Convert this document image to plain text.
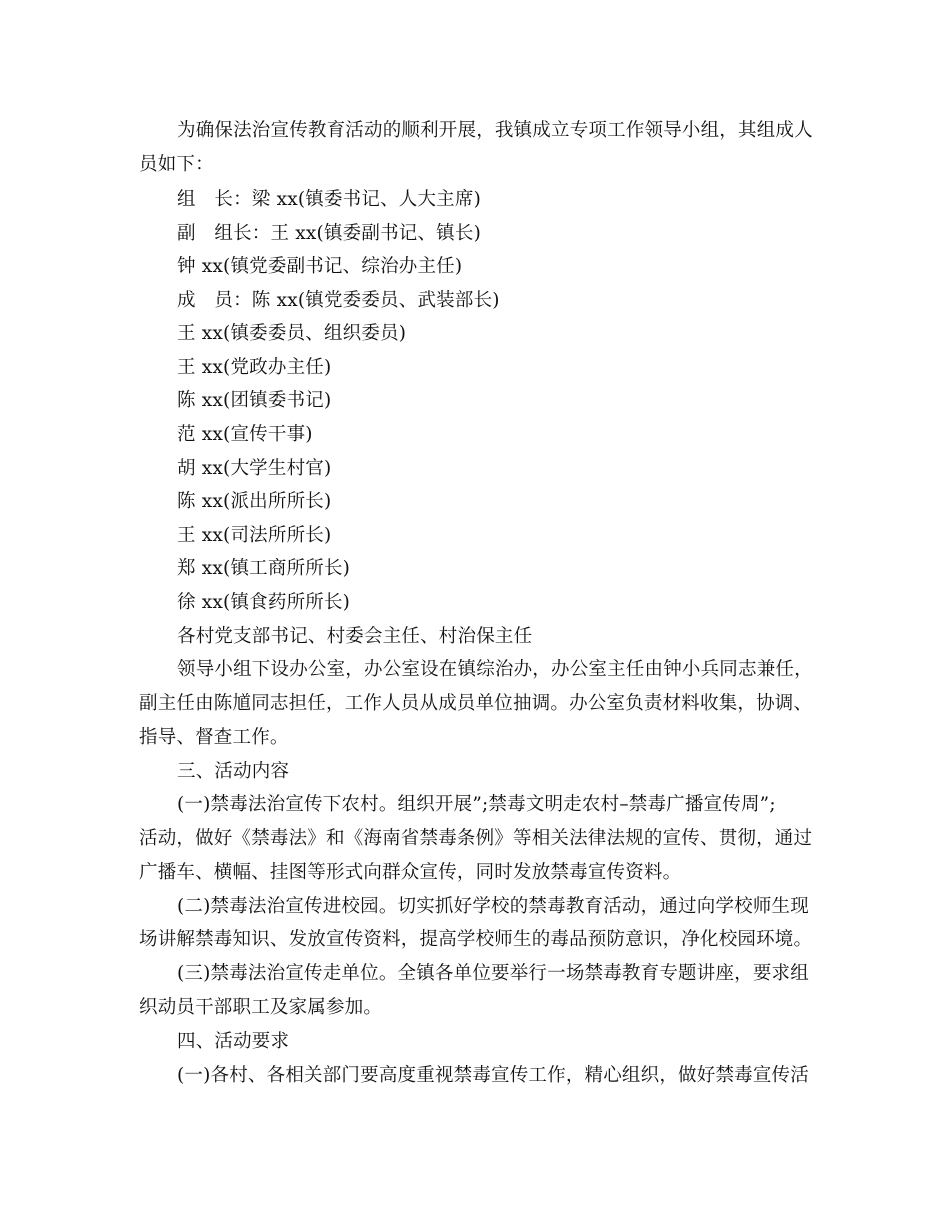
为确保法治宣传教育活动的顺利开展，我镇成立专项工作领导小组，其组成人
员如下：
组　长：梁 xx(镇委书记、人大主席)
副　组长：王 xx(镇委副书记、镇长)
钟 xx(镇党委副书记、综治办主任)
成　员：陈 xx(镇党委委员、武装部长)
王 xx(镇委委员、组织委员)
王 xx(党政办主任)
陈 xx(团镇委书记)
范 xx(宣传干事)
胡 xx(大学生村官)
陈 xx(派出所所长)
王 xx(司法所所长)
郑 xx(镇工商所所长)
徐 xx(镇食药所所长)
各村党支部书记、村委会主任、村治保主任
领导小组下设办公室，办公室设在镇综治办，办公室主任由钟小兵同志兼任，
副主任由陈馗同志担任，工作人员从成员单位抽调。办公室负责材料收集，协调、
指导、督查工作。
三、活动内容
(一)禁毒法治宣传下农村。组织开展”;禁毒文明走农村–禁毒广播宣传周”;
活动，做好《禁毒法》和《海南省禁毒条例》等相关法律法规的宣传、贯彻，通过
广播车、横幅、挂图等形式向群众宣传，同时发放禁毒宣传资料。
(二)禁毒法治宣传进校园。切实抓好学校的禁毒教育活动，通过向学校师生现
场讲解禁毒知识、发放宣传资料，提高学校师生的毒品预防意识，净化校园环境。
(三)禁毒法治宣传走单位。全镇各单位要举行一场禁毒教育专题讲座，要求组
织动员干部职工及家属参加。
四、活动要求
(一)各村、各相关部门要高度重视禁毒宣传工作，精心组织，做好禁毒宣传活
